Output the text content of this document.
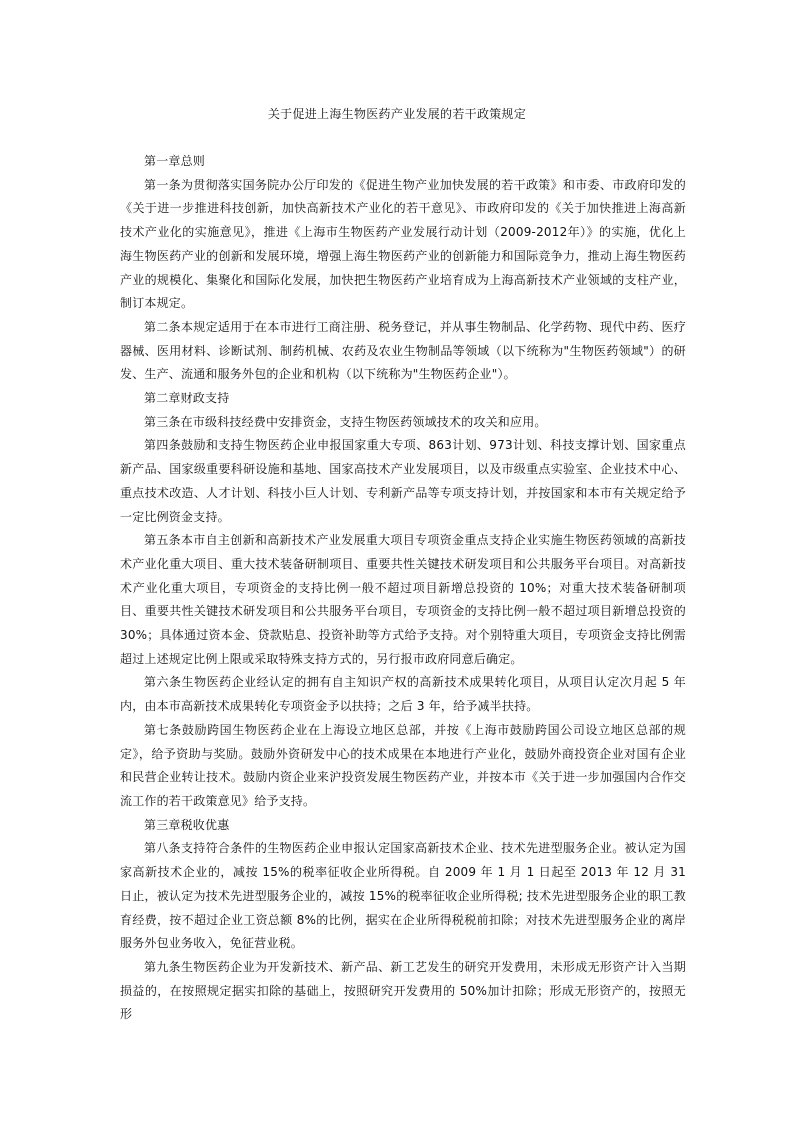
关于促进上海生物医药产业发展的若干政策规定

第一章总则

第一条为贯彻落实国务院办公厅印发的《促进生物产业加快发展的若干政策》和市委、市政府印发的《关于进一步推进科技创新，加快高新技术产业化的若干意见》、市政府印发的《关于加快推进上海高新技术产业化的实施意见》，推进《上海市生物医药产业发展行动计划（2009-2012年）》的实施，优化上海生物医药产业的创新和发展环境，增强上海生物医药产业的创新能力和国际竞争力，推动上海生物医药产业的规模化、集聚化和国际化发展，加快把生物医药产业培育成为上海高新技术产业领域的支柱产业，制订本规定。

第二条本规定适用于在本市进行工商注册、税务登记，并从事生物制品、化学药物、现代中药、医疗器械、医用材料、诊断试剂、制药机械、农药及农业生物制品等领域（以下统称为"生物医药领域"）的研发、生产、流通和服务外包的企业和机构（以下统称为"生物医药企业"）。

第二章财政支持

第三条在市级科技经费中安排资金，支持生物医药领域技术的攻关和应用。

第四条鼓励和支持生物医药企业申报国家重大专项、863计划、973计划、科技支撑计划、国家重点新产品、国家级重要科研设施和基地、国家高技术产业发展项目，以及市级重点实验室、企业技术中心、重点技术改造、人才计划、科技小巨人计划、专利新产品等专项支持计划，并按国家和本市有关规定给予一定比例资金支持。

第五条本市自主创新和高新技术产业发展重大项目专项资金重点支持企业实施生物医药领域的高新技术产业化重大项目、重大技术装备研制项目、重要共性关键技术研发项目和公共服务平台项目。对高新技术产业化重大项目，专项资金的支持比例一般不超过项目新增总投资的 10%；对重大技术装备研制项目、重要共性关键技术研发项目和公共服务平台项目，专项资金的支持比例一般不超过项目新增总投资的 30%；具体通过资本金、贷款贴息、投资补助等方式给予支持。对个别特重大项目，专项资金支持比例需超过上述规定比例上限或采取特殊支持方式的，另行报市政府同意后确定。

第六条生物医药企业经认定的拥有自主知识产权的高新技术成果转化项目，从项目认定次月起 5 年内，由本市高新技术成果转化专项资金予以扶持；之后 3 年，给予减半扶持。

第七条鼓励跨国生物医药企业在上海设立地区总部，并按《上海市鼓励跨国公司设立地区总部的规定》，给予资助与奖励。鼓励外资研发中心的技术成果在本地进行产业化，鼓励外商投资企业对国有企业和民营企业转让技术。鼓励内资企业来沪投资发展生物医药产业，并按本市《关于进一步加强国内合作交流工作的若干政策意见》给予支持。

第三章税收优惠

第八条支持符合条件的生物医药企业申报认定国家高新技术企业、技术先进型服务企业。被认定为国家高新技术企业的，减按 15%的税率征收企业所得税。自 2009 年 1 月 1 日起至 2013 年 12 月 31 日止，被认定为技术先进型服务企业的，减按 15%的税率征收企业所得税; 技术先进型服务企业的职工教育经费，按不超过企业工资总额 8%的比例，据实在企业所得税税前扣除；对技术先进型服务企业的离岸服务外包业务收入，免征营业税。

第九条生物医药企业为开发新技术、新产品、新工艺发生的研究开发费用，未形成无形资产计入当期损益的，在按照规定据实扣除的基础上，按照研究开发费用的 50%加计扣除；形成无形资产的，按照无形
